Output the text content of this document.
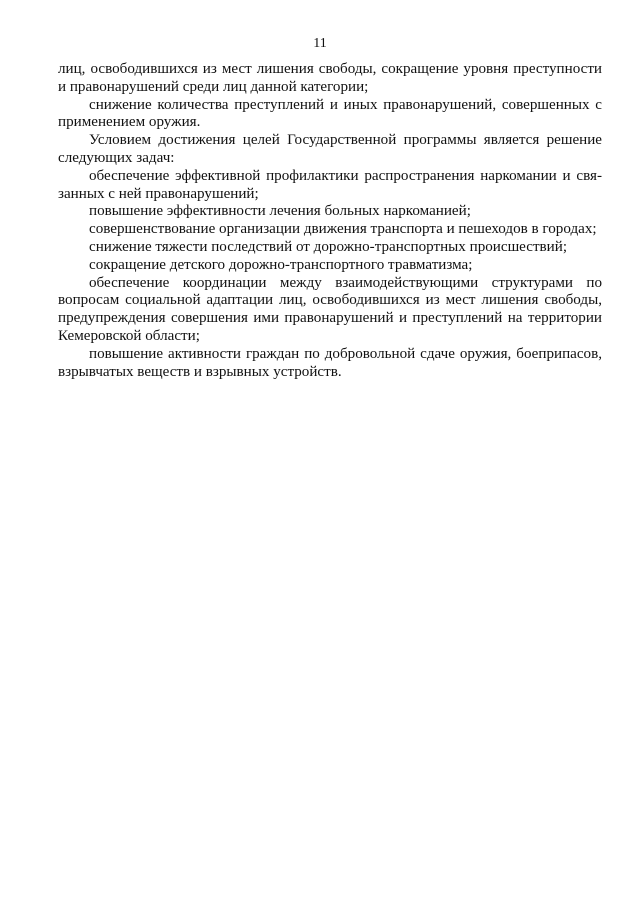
11

лиц, освободившихся из мест лишения свободы, сокращение уровня преступности и правонарушений среди лиц данной категории;

снижение количества преступлений и иных правонарушений, совершенных с применением оружия.

Условием достижения целей Государственной программы является решение следующих задач:

обеспечение эффективной профилактики распространения наркомании и связанных с ней правонарушений;

повышение эффективности лечения больных наркоманией;

совершенствование организации движения транспорта и пешеходов в городах;

снижение тяжести последствий от дорожно-транспортных происшествий;

сокращение детского дорожно-транспортного травматизма;

обеспечение координации между взаимодействующими структурами по вопросам социальной адаптации лиц, освободившихся из мест лишения свободы, предупреждения совершения ими правонарушений и преступлений на территории Кемеровской области;

повышение активности граждан по добровольной сдаче оружия, боеприпасов, взрывчатых веществ и взрывных устройств.
